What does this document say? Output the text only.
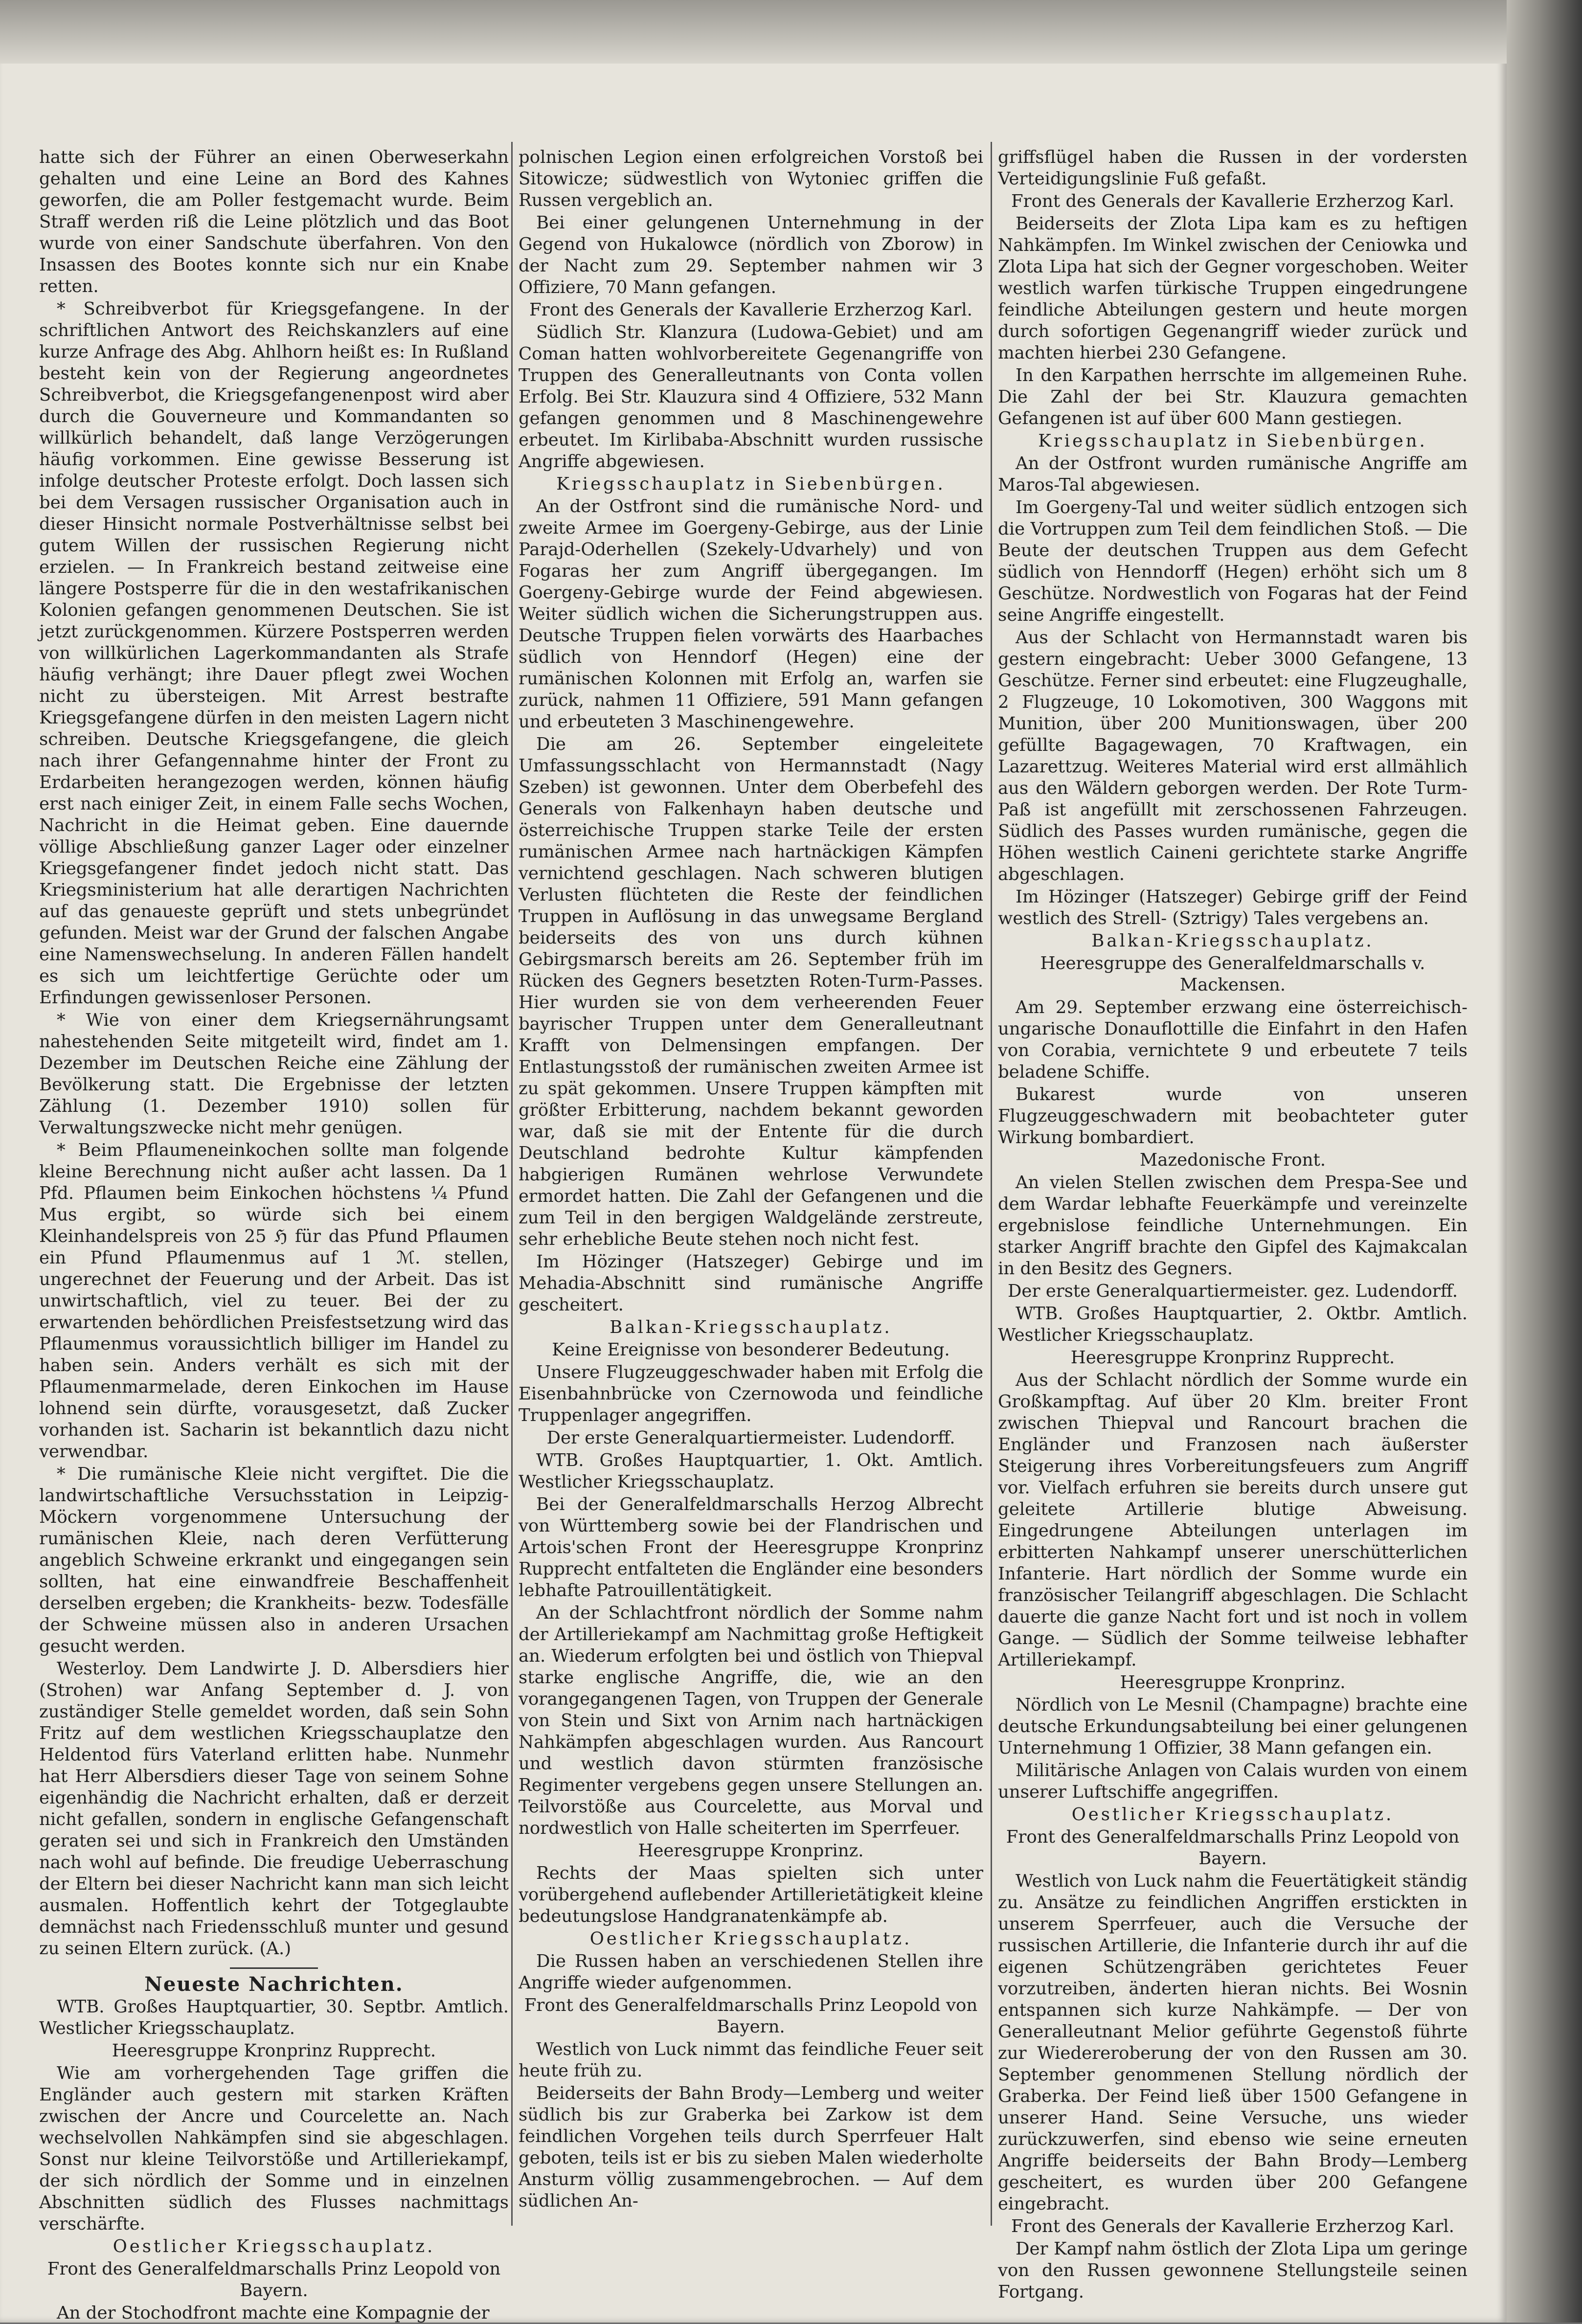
hatte sich der Führer an einen Oberweserkahn gehalten und eine Leine an Bord des Kahnes geworfen, die am Poller festgemacht wurde. Beim Straff werden riß die Leine plötzlich und das Boot wurde von einer Sandschute überfahren. Von den Insassen des Bootes konnte sich nur ein Knabe retten.

* Schreibverbot für Kriegsgefangene. In der schriftlichen Antwort des Reichskanzlers auf eine kurze Anfrage des Abg. Ahlhorn heißt es: In Rußland besteht kein von der Regierung angeordnetes Schreibverbot, die Kriegsgefangenenpost wird aber durch die Gouverneure und Kommandanten so willkürlich behandelt, daß lange Verzögerungen häufig vorkommen. Eine gewisse Besserung ist infolge deutscher Proteste erfolgt. Doch lassen sich bei dem Versagen russischer Organisation auch in dieser Hinsicht normale Postverhältnisse selbst bei gutem Willen der russischen Regierung nicht erzielen. — In Frankreich bestand zeitweise eine längere Postsperre für die in den westafrikanischen Kolonien gefangen genommenen Deutschen. Sie ist jetzt zurückgenommen. Kürzere Postsperren werden von willkürlichen Lagerkommandanten als Strafe häufig verhängt; ihre Dauer pflegt zwei Wochen nicht zu übersteigen. Mit Arrest bestrafte Kriegsgefangene dürfen in den meisten Lagern nicht schreiben. Deutsche Kriegsgefangene, die gleich nach ihrer Gefangennahme hinter der Front zu Erdarbeiten herangezogen werden, können häufig erst nach einiger Zeit, in einem Falle sechs Wochen, Nachricht in die Heimat geben. Eine dauernde völlige Abschließung ganzer Lager oder einzelner Kriegsgefangener findet jedoch nicht statt. Das Kriegsministerium hat alle derartigen Nachrichten auf das genaueste geprüft und stets unbegründet gefunden. Meist war der Grund der falschen Angabe eine Namenswechselung. In anderen Fällen handelt es sich um leichtfertige Gerüchte oder um Erfindungen gewissenloser Personen.

* Wie von einer dem Kriegsernährungsamt nahestehenden Seite mitgeteilt wird, findet am 1. Dezember im Deutschen Reiche eine Zählung der Bevölkerung statt. Die Ergebnisse der letzten Zählung (1. Dezember 1910) sollen für Verwaltungszwecke nicht mehr genügen.

* Beim Pflaumeneinkochen sollte man folgende kleine Berechnung nicht außer acht lassen. Da 1 Pfd. Pflaumen beim Einkochen höchstens ¼ Pfund Mus ergibt, so würde sich bei einem Kleinhandelspreis von 25 ℌ für das Pfund Pflaumen ein Pfund Pflaumenmus auf 1 ℳ. stellen, ungerechnet der Feuerung und der Arbeit. Das ist unwirtschaftlich, viel zu teuer. Bei der zu erwartenden behördlichen Preisfestsetzung wird das Pflaumenmus voraussichtlich billiger im Handel zu haben sein. Anders verhält es sich mit der Pflaumenmarmelade, deren Einkochen im Hause lohnend sein dürfte, vorausgesetzt, daß Zucker vorhanden ist. Sacharin ist bekanntlich dazu nicht verwendbar.

* Die rumänische Kleie nicht vergiftet. Die die landwirtschaftliche Versuchsstation in Leipzig-Möckern vorgenommene Untersuchung der rumänischen Kleie, nach deren Verfütterung angeblich Schweine erkrankt und eingegangen sein sollten, hat eine einwandfreie Beschaffenheit derselben ergeben; die Krankheits- bezw. Todesfälle der Schweine müssen also in anderen Ursachen gesucht werden.

Westerloy. Dem Landwirte J. D. Albersdiers hier (Strohen) war Anfang September d. J. von zuständiger Stelle gemeldet worden, daß sein Sohn Fritz auf dem westlichen Kriegsschauplatze den Heldentod fürs Vaterland erlitten habe. Nunmehr hat Herr Albersdiers dieser Tage von seinem Sohne eigenhändig die Nachricht erhalten, daß er derzeit nicht gefallen, sondern in englische Gefangenschaft geraten sei und sich in Frankreich den Umständen nach wohl auf befinde. Die freudige Ueberraschung der Eltern bei dieser Nachricht kann man sich leicht ausmalen. Hoffentlich kehrt der Totgeglaubte demnächst nach Friedensschluß munter und gesund zu seinen Eltern zurück. (A.)

Neueste Nachrichten.

WTB. Großes Hauptquartier, 30. Septbr. Amtlich. Westlicher Kriegsschauplatz.

Heeresgruppe Kronprinz Rupprecht.

Wie am vorhergehenden Tage griffen die Engländer auch gestern mit starken Kräften zwischen der Ancre und Courcelette an. Nach wechselvollen Nahkämpfen sind sie abgeschlagen. Sonst nur kleine Teilvorstöße und Artilleriekampf, der sich nördlich der Somme und in einzelnen Abschnitten südlich des Flusses nachmittags verschärfte.

Oestlicher Kriegsschauplatz.

Front des Generalfeldmarschalls Prinz Leopold von Bayern.

An der Stochodfront machte eine Kompagnie der

polnischen Legion einen erfolgreichen Vorstoß bei Sitowicze; südwestlich von Wytoniec griffen die Russen vergeblich an.

Bei einer gelungenen Unternehmung in der Gegend von Hukalowce (nördlich von Zborow) in der Nacht zum 29. September nahmen wir 3 Offiziere, 70 Mann gefangen.

Front des Generals der Kavallerie Erzherzog Karl.

Südlich Str. Klanzura (Ludowa-Gebiet) und am Coman hatten wohlvorbereitete Gegenangriffe von Truppen des Generalleutnants von Conta vollen Erfolg. Bei Str. Klauzura sind 4 Offiziere, 532 Mann gefangen genommen und 8 Maschinengewehre erbeutet. Im Kirlibaba-Abschnitt wurden russische Angriffe abgewiesen.

Kriegsschauplatz in Siebenbürgen.

An der Ostfront sind die rumänische Nord- und zweite Armee im Goergeny-Gebirge, aus der Linie Parajd-Oderhellen (Szekely-Udvarhely) und von Fogaras her zum Angriff übergegangen. Im Goergeny-Gebirge wurde der Feind abgewiesen. Weiter südlich wichen die Sicherungstruppen aus. Deutsche Truppen fielen vorwärts des Haarbaches südlich von Henndorf (Hegen) eine der rumänischen Kolonnen mit Erfolg an, warfen sie zurück, nahmen 11 Offiziere, 591 Mann gefangen und erbeuteten 3 Maschinengewehre.

Die am 26. September eingeleitete Umfassungsschlacht von Hermannstadt (Nagy Szeben) ist gewonnen. Unter dem Oberbefehl des Generals von Falkenhayn haben deutsche und österreichische Truppen starke Teile der ersten rumänischen Armee nach hartnäckigen Kämpfen vernichtend geschlagen. Nach schweren blutigen Verlusten flüchteten die Reste der feindlichen Truppen in Auflösung in das unwegsame Bergland beiderseits des von uns durch kühnen Gebirgsmarsch bereits am 26. September früh im Rücken des Gegners besetzten Roten-Turm-Passes. Hier wurden sie von dem verheerenden Feuer bayrischer Truppen unter dem Generalleutnant Krafft von Delmensingen empfangen. Der Entlastungsstoß der rumänischen zweiten Armee ist zu spät gekommen. Unsere Truppen kämpften mit größter Erbitterung, nachdem bekannt geworden war, daß sie mit der Entente für die durch Deutschland bedrohte Kultur kämpfenden habgierigen Rumänen wehrlose Verwundete ermordet hatten. Die Zahl der Gefangenen und die zum Teil in den bergigen Waldgelände zerstreute, sehr erhebliche Beute stehen noch nicht fest.

Im Hözinger (Hatszeger) Gebirge und im Mehadia-Abschnitt sind rumänische Angriffe gescheitert.

Balkan-Kriegsschauplatz.

Keine Ereignisse von besonderer Bedeutung.

Unsere Flugzeuggeschwader haben mit Erfolg die Eisenbahnbrücke von Czernowoda und feindliche Truppenlager angegriffen.

Der erste Generalquartiermeister. Ludendorff.

WTB. Großes Hauptquartier, 1. Okt. Amtlich. Westlicher Kriegsschauplatz.

Bei der Generalfeldmarschalls Herzog Albrecht von Württemberg sowie bei der Flandrischen und Artois'schen Front der Heeresgruppe Kronprinz Rupprecht entfalteten die Engländer eine besonders lebhafte Patrouillentätigkeit.

An der Schlachtfront nördlich der Somme nahm der Artilleriekampf am Nachmittag große Heftigkeit an. Wiederum erfolgten bei und östlich von Thiepval starke englische Angriffe, die, wie an den vorangegangenen Tagen, von Truppen der Generale von Stein und Sixt von Arnim nach hartnäckigen Nahkämpfen abgeschlagen wurden. Aus Rancourt und westlich davon stürmten französische Regimenter vergebens gegen unsere Stellungen an. Teilvorstöße aus Courcelette, aus Morval und nordwestlich von Halle scheiterten im Sperrfeuer.

Heeresgruppe Kronprinz.

Rechts der Maas spielten sich unter vorübergehend auflebender Artillerietätigkeit kleine bedeutungslose Handgranatenkämpfe ab.

Oestlicher Kriegsschauplatz.

Die Russen haben an verschiedenen Stellen ihre Angriffe wieder aufgenommen.

Front des Generalfeldmarschalls Prinz Leopold von Bayern.

Westlich von Luck nimmt das feindliche Feuer seit heute früh zu.

Beiderseits der Bahn Brody—Lemberg und weiter südlich bis zur Graberka bei Zarkow ist dem feindlichen Vorgehen teils durch Sperrfeuer Halt geboten, teils ist er bis zu sieben Malen wiederholte Ansturm völlig zusammengebrochen. — Auf dem südlichen An-

griffsflügel haben die Russen in der vordersten Verteidigungslinie Fuß gefaßt.

Front des Generals der Kavallerie Erzherzog Karl.

Beiderseits der Zlota Lipa kam es zu heftigen Nahkämpfen. Im Winkel zwischen der Ceniowka und Zlota Lipa hat sich der Gegner vorgeschoben. Weiter westlich warfen türkische Truppen eingedrungene feindliche Abteilungen gestern und heute morgen durch sofortigen Gegenangriff wieder zurück und machten hierbei 230 Gefangene.

In den Karpathen herrschte im allgemeinen Ruhe. Die Zahl der bei Str. Klauzura gemachten Gefangenen ist auf über 600 Mann gestiegen.

Kriegsschauplatz in Siebenbürgen.

An der Ostfront wurden rumänische Angriffe am Maros-Tal abgewiesen.

Im Goergeny-Tal und weiter südlich entzogen sich die Vortruppen zum Teil dem feindlichen Stoß. — Die Beute der deutschen Truppen aus dem Gefecht südlich von Henndorff (Hegen) erhöht sich um 8 Geschütze. Nordwestlich von Fogaras hat der Feind seine Angriffe eingestellt.

Aus der Schlacht von Hermannstadt waren bis gestern eingebracht: Ueber 3000 Gefangene, 13 Geschütze. Ferner sind erbeutet: eine Flugzeughalle, 2 Flugzeuge, 10 Lokomotiven, 300 Waggons mit Munition, über 200 Munitionswagen, über 200 gefüllte Bagagewagen, 70 Kraftwagen, ein Lazarettzug. Weiteres Material wird erst allmählich aus den Wäldern geborgen werden. Der Rote Turm-Paß ist angefüllt mit zerschossenen Fahrzeugen. Südlich des Passes wurden rumänische, gegen die Höhen westlich Caineni gerichtete starke Angriffe abgeschlagen.

Im Hözinger (Hatszeger) Gebirge griff der Feind westlich des Strell- (Sztrigy) Tales vergebens an.

Balkan-Kriegsschauplatz.

Heeresgruppe des Generalfeldmarschalls v. Mackensen.

Am 29. September erzwang eine österreichisch-ungarische Donauflottille die Einfahrt in den Hafen von Corabia, vernichtete 9 und erbeutete 7 teils beladene Schiffe.

Bukarest wurde von unseren Flugzeuggeschwadern mit beobachteter guter Wirkung bombardiert.

Mazedonische Front.

An vielen Stellen zwischen dem Prespa-See und dem Wardar lebhafte Feuerkämpfe und vereinzelte ergebnislose feindliche Unternehmungen. Ein starker Angriff brachte den Gipfel des Kajmakcalan in den Besitz des Gegners.

Der erste Generalquartiermeister. gez. Ludendorff.

WTB. Großes Hauptquartier, 2. Oktbr. Amtlich. Westlicher Kriegsschauplatz.

Heeresgruppe Kronprinz Rupprecht.

Aus der Schlacht nördlich der Somme wurde ein Großkampftag. Auf über 20 Klm. breiter Front zwischen Thiepval und Rancourt brachen die Engländer und Franzosen nach äußerster Steigerung ihres Vorbereitungsfeuers zum Angriff vor. Vielfach erfuhren sie bereits durch unsere gut geleitete Artillerie blutige Abweisung. Eingedrungene Abteilungen unterlagen im erbitterten Nahkampf unserer unerschütterlichen Infanterie. Hart nördlich der Somme wurde ein französischer Teilangriff abgeschlagen. Die Schlacht dauerte die ganze Nacht fort und ist noch in vollem Gange. — Südlich der Somme teilweise lebhafter Artilleriekampf.

Heeresgruppe Kronprinz.

Nördlich von Le Mesnil (Champagne) brachte eine deutsche Erkundungsabteilung bei einer gelungenen Unternehmung 1 Offizier, 38 Mann gefangen ein.

Militärische Anlagen von Calais wurden von einem unserer Luftschiffe angegriffen.

Oestlicher Kriegsschauplatz.

Front des Generalfeldmarschalls Prinz Leopold von Bayern.

Westlich von Luck nahm die Feuertätigkeit ständig zu. Ansätze zu feindlichen Angriffen erstickten in unserem Sperrfeuer, auch die Versuche der russischen Artillerie, die Infanterie durch ihr auf die eigenen Schützengräben gerichtetes Feuer vorzutreiben, änderten hieran nichts. Bei Wosnin entspannen sich kurze Nahkämpfe. — Der von Generalleutnant Melior geführte Gegenstoß führte zur Wiedereroberung der von den Russen am 30. September genommenen Stellung nördlich der Graberka. Der Feind ließ über 1500 Gefangene in unserer Hand. Seine Versuche, uns wieder zurückzuwerfen, sind ebenso wie seine erneuten Angriffe beiderseits der Bahn Brody—Lemberg gescheitert, es wurden über 200 Gefangene eingebracht.

Front des Generals der Kavallerie Erzherzog Karl.

Der Kampf nahm östlich der Zlota Lipa um geringe von den Russen gewonnene Stellungsteile seinen Fortgang.
